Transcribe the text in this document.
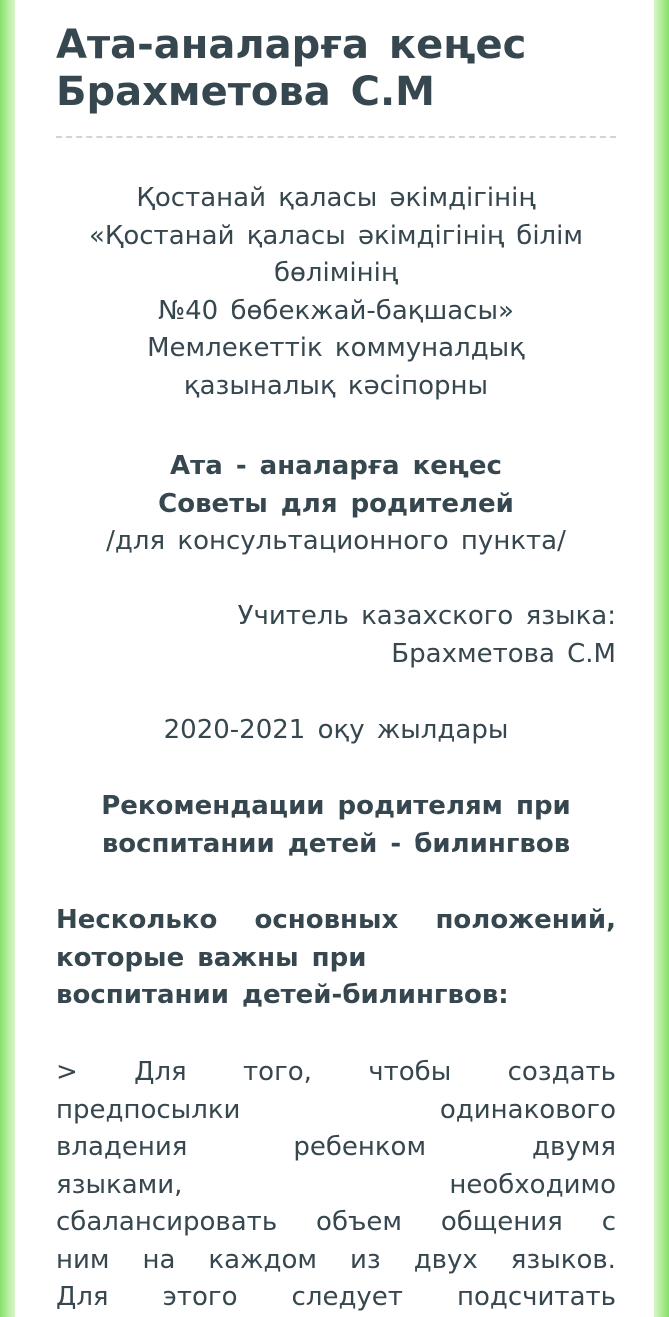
Ата-аналарға кеңес
Брахметова С.М
Қостанай қаласы әкімдігінің
«Қостанай қаласы әкімдігінің білім
бөлімінің
№40 бөбекжай-бақшасы»
Мемлекеттік коммуналдық
қазыналық кәсіпорны
Ата - аналарға кеңес
Советы для родителей
/для консультационного пункта/
Учитель казахского языка:
Брахметова С.М
2020-2021 оқу жылдары
Рекомендации родителям при
воспитании детей - билингвов
Несколько основных положений,
которые важны при
воспитании детей-билингвов:
> Для того, чтобы создать
предпосылки	одинакового
владения	ребенком	двумя
языками,	необходимо
сбалансировать объем общения с
ним на каждом из двух языков.
Для этого следует подсчитать
